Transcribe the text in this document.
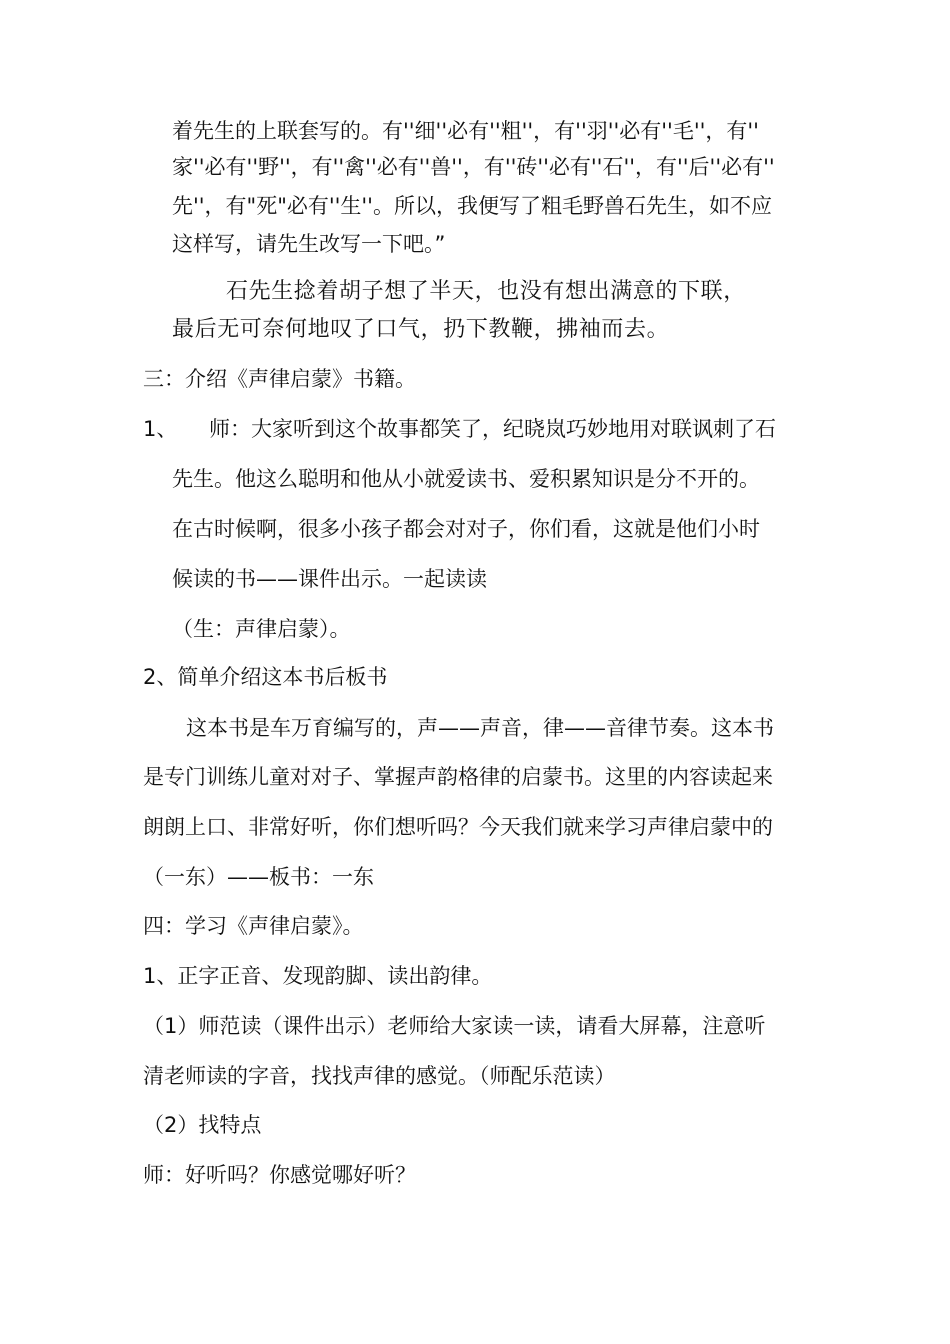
着先生的上联套写的。有''细''必有''粗''，有''羽''必有''毛''，有''
家''必有''野''，有''禽''必有''兽''，有''砖''必有''石''，有''后''必有''
先''，有"死"必有''生''。所以，我便写了粗毛野兽石先生，如不应
这样写，请先生改写一下吧。”
石先生捻着胡子想了半天，也没有想出满意的下联，
最后无可奈何地叹了口气，扔下教鞭，拂袖而去。
三：介绍《声律启蒙》书籍。
1、 师：大家听到这个故事都笑了，纪晓岚巧妙地用对联讽刺了石
先生。他这么聪明和他从小就爱读书、爱积累知识是分不开的。
在古时候啊，很多小孩子都会对对子，你们看，这就是他们小时
候读的书——课件出示。一起读读
（生：声律启蒙）。
2、简单介绍这本书后板书
这本书是车万育编写的，声——声音，律——音律节奏。这本书
是专门训练儿童对对子、掌握声韵格律的启蒙书。这里的内容读起来
朗朗上口、非常好听，你们想听吗？今天我们就来学习声律启蒙中的
（一东）——板书：一东
四：学习《声律启蒙》。
1、正字正音、发现韵脚、读出韵律。
（1）师范读（课件出示）老师给大家读一读，请看大屏幕，注意听
清老师读的字音，找找声律的感觉。（师配乐范读）
（2）找特点
师：好听吗？你感觉哪好听？
